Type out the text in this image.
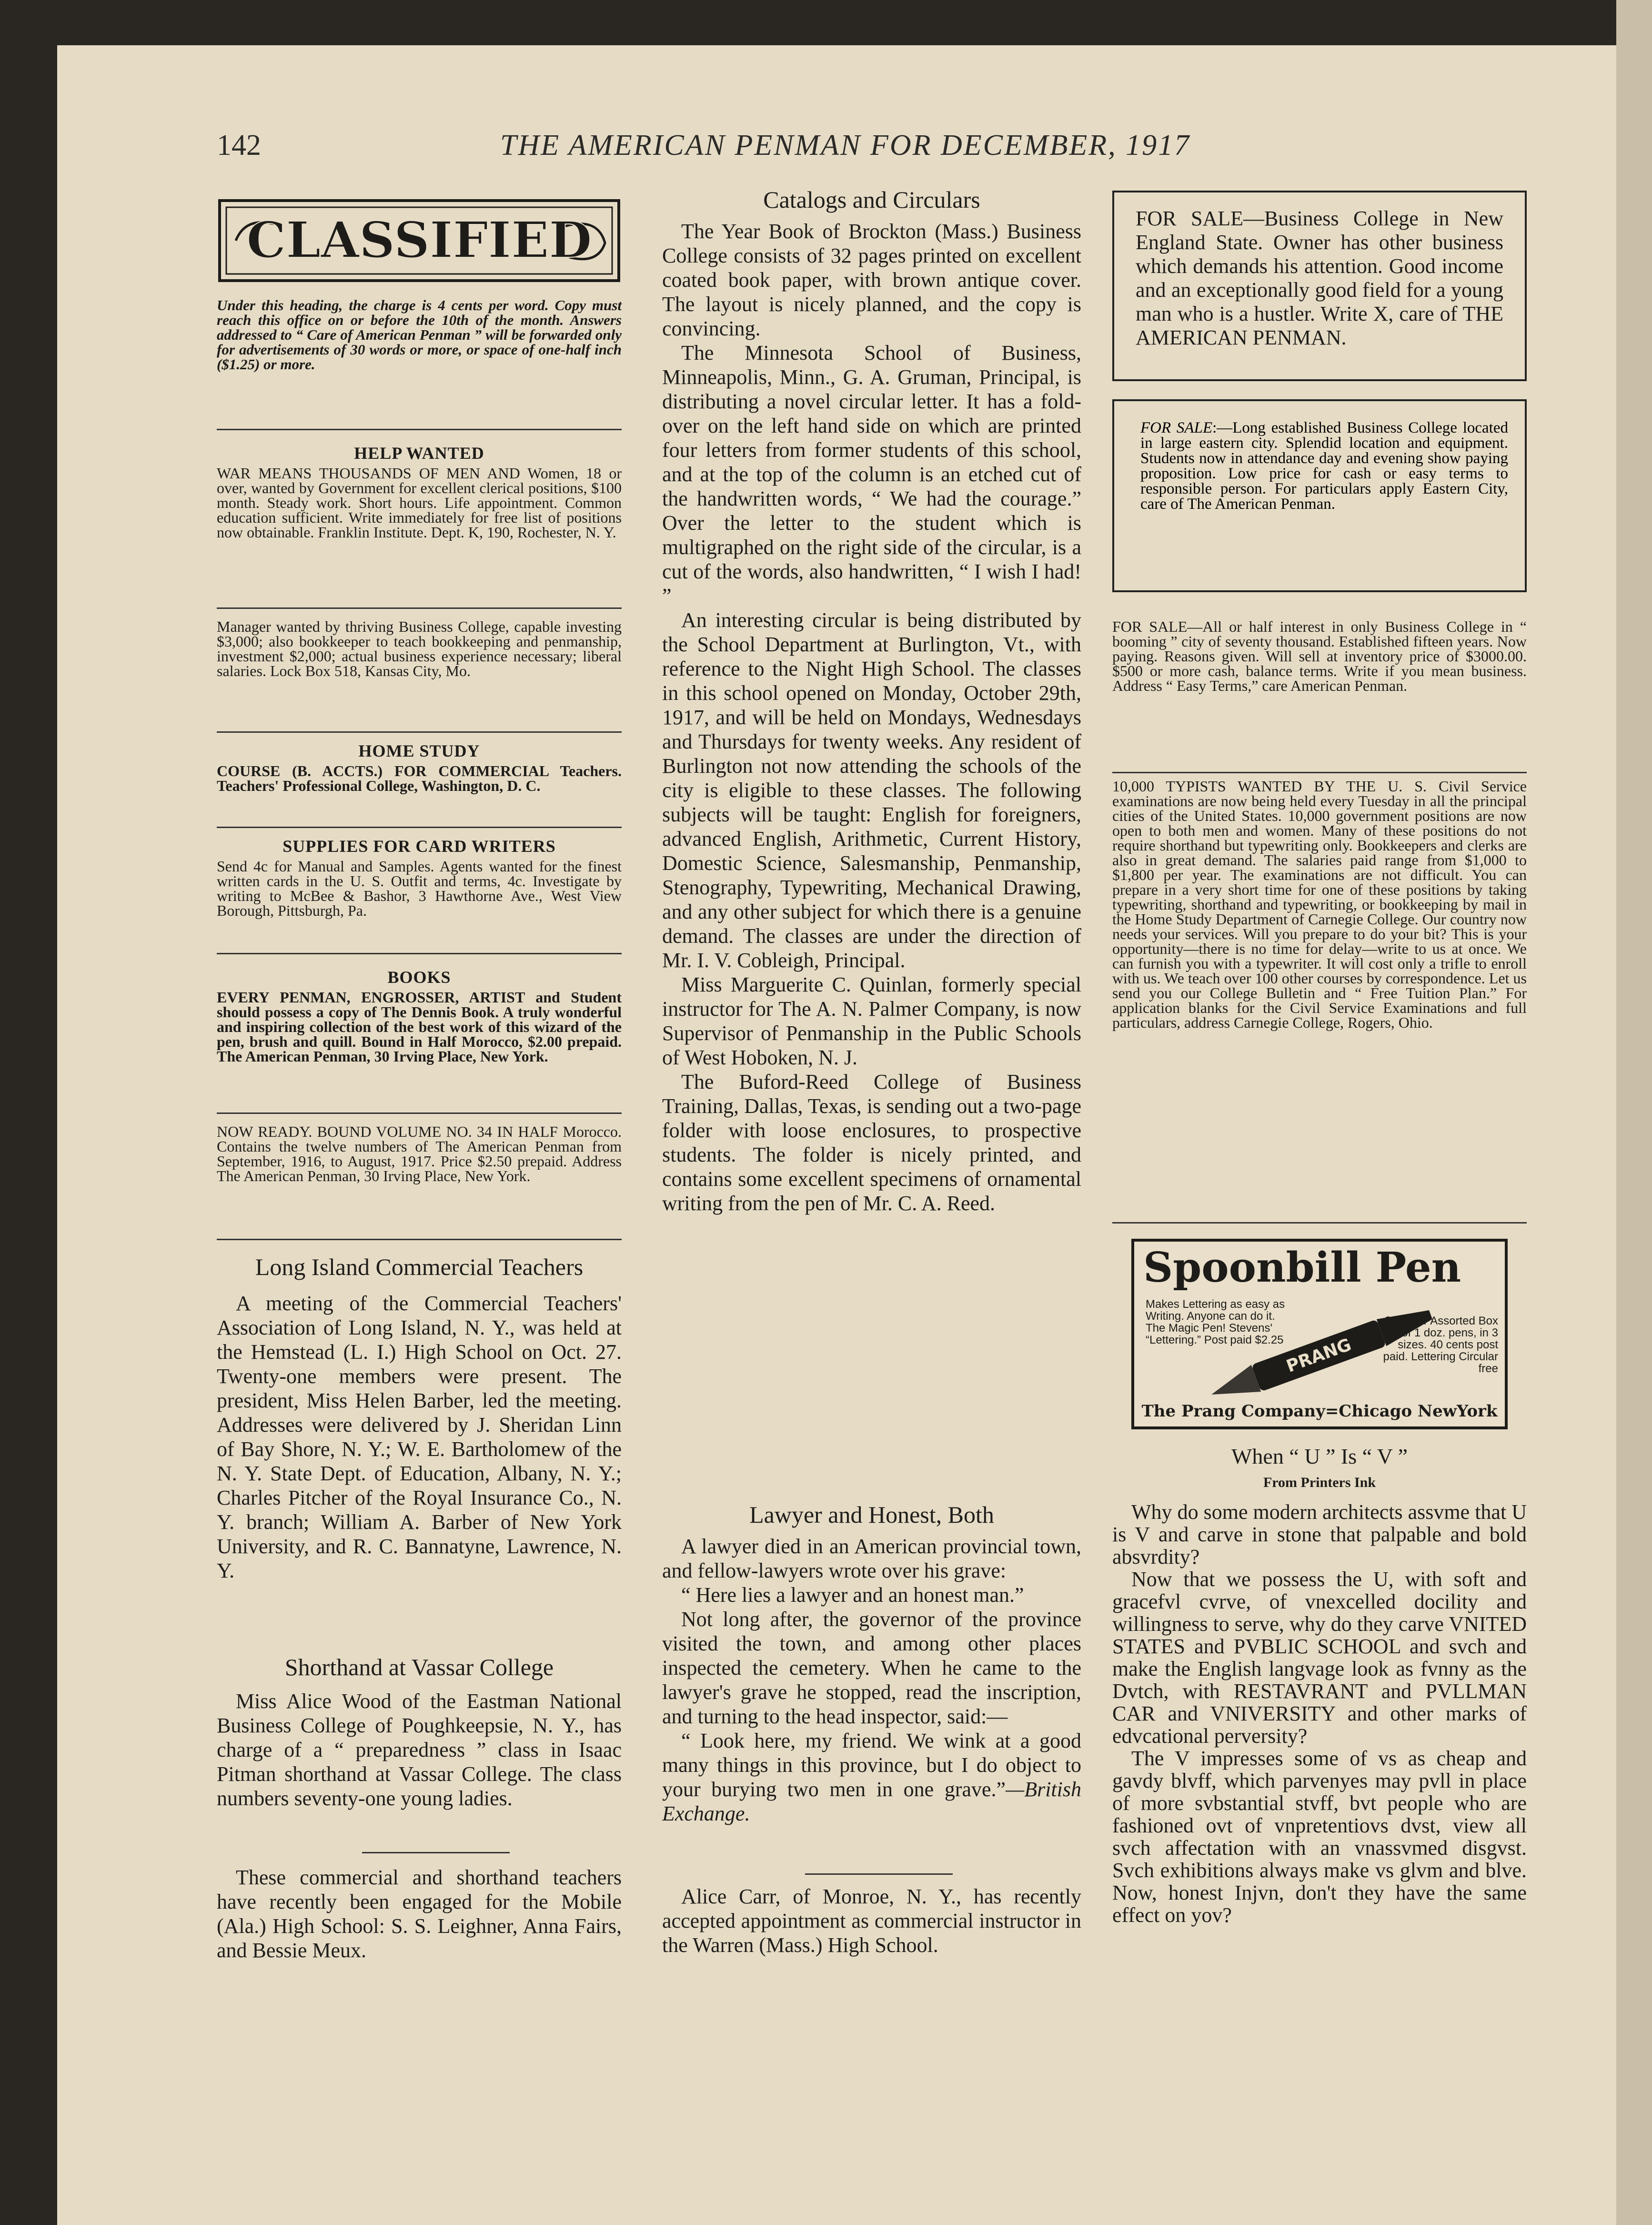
142	THE AMERICAN PENMAN FOR DECEMBER, 1917
CLASSIFIED
Under this heading, the charge is 4 cents per word. Copy must reach this office on or before the 10th of the month. Answers addressed to “ Care of American Penman ” will be forwarded only for advertisements of 30 words or more, or space of one-half inch ($1.25) or more.
HELP WANTED
WAR MEANS THOUSANDS OF MEN AND Women, 18 or over, wanted by Government for excellent clerical positions, $100 month. Steady work. Short hours. Life appointment. Common education sufficient. Write immediately for free list of positions now obtainable. Franklin Institute. Dept. K, 190, Rochester, N. Y.
Manager wanted by thriving Business College, capable investing $3,000; also bookkeeper to teach bookkeeping and penmanship, investment $2,000; actual business experience necessary; liberal salaries. Lock Box 518, Kansas City, Mo.
HOME STUDY
COURSE (B. ACCTS.) FOR COMMERCIAL Teachers. Teachers' Professional College, Washington, D. C.
SUPPLIES FOR CARD WRITERS
Send 4c for Manual and Samples. Agents wanted for the finest written cards in the U. S. Outfit and terms, 4c. Investigate by writing to McBee & Bashor, 3 Hawthorne Ave., West View Borough, Pittsburgh, Pa.
BOOKS
EVERY PENMAN, ENGROSSER, ARTIST and Student should possess a copy of The Dennis Book. A truly wonderful and inspiring collection of the best work of this wizard of the pen, brush and quill. Bound in Half Morocco, $2.00 prepaid. The American Penman, 30 Irving Place, New York.
NOW READY. BOUND VOLUME NO. 34 IN HALF Morocco. Contains the twelve numbers of The American Penman from September, 1916, to August, 1917. Price $2.50 prepaid. Address The American Penman, 30 Irving Place, New York.
Long Island Commercial Teachers
A meeting of the Commercial Teachers' Association of Long Island, N. Y., was held at the Hemstead (L. I.) High School on Oct. 27. Twenty-one members were present. The president, Miss Helen Barber, led the meeting. Addresses were delivered by J. Sheridan Linn of Bay Shore, N. Y.; W. E. Bartholomew of the N. Y. State Dept. of Education, Albany, N. Y.; Charles Pitcher of the Royal Insurance Co., N. Y. branch; William A. Barber of New York University, and R. C. Bannatyne, Lawrence, N. Y.
Shorthand at Vassar College
Miss Alice Wood of the Eastman National Business College of Poughkeepsie, N. Y., has charge of a “ preparedness ” class in Isaac Pitman shorthand at Vassar College. The class numbers seventy-one young ladies.
These commercial and shorthand teachers have recently been engaged for the Mobile (Ala.) High School: S. S. Leighner, Anna Fairs, and Bessie Meux.
Catalogs and Circulars
The Year Book of Brockton (Mass.) Business College consists of 32 pages printed on excellent coated book paper, with brown antique cover. The layout is nicely planned, and the copy is convincing.
The Minnesota School of Business, Minneapolis, Minn., G. A. Gruman, Principal, is distributing a novel circular letter. It has a fold-over on the left hand side on which are printed four letters from former students of this school, and at the top of the column is an etched cut of the handwritten words, “ We had the courage.” Over the letter to the student which is multigraphed on the right side of the circular, is a cut of the words, also handwritten, “ I wish I had! ”
An interesting circular is being distributed by the School Department at Burlington, Vt., with reference to the Night High School. The classes in this school opened on Monday, October 29th, 1917, and will be held on Mondays, Wednesdays and Thursdays for twenty weeks. Any resident of Burlington not now attending the schools of the city is eligible to these classes. The following subjects will be taught: English for foreigners, advanced English, Arithmetic, Current History, Domestic Science, Salesmanship, Penmanship, Stenography, Typewriting, Mechanical Drawing, and any other subject for which there is a genuine demand. The classes are under the direction of Mr. I. V. Cobleigh, Principal.
Miss Marguerite C. Quinlan, formerly special instructor for The A. N. Palmer Company, is now Supervisor of Penmanship in the Public Schools of West Hoboken, N. J.
The Buford-Reed College of Business Training, Dallas, Texas, is sending out a two-page folder with loose enclosures, to prospective students. The folder is nicely printed, and contains some excellent specimens of ornamental writing from the pen of Mr. C. A. Reed.
Lawyer and Honest, Both
A lawyer died in an American provincial town, and fellow-lawyers wrote over his grave:
“ Here lies a lawyer and an honest man.”
Not long after, the governor of the province visited the town, and among other places inspected the cemetery. When he came to the lawyer's grave he stopped, read the inscription, and turning to the head inspector, said:—
“ Look here, my friend. We wink at a good many things in this province, but I do object to your burying two men in one grave.”—British Exchange.
Alice Carr, of Monroe, N. Y., has recently accepted appointment as commercial instructor in the Warren (Mass.) High School.
FOR SALE—Business College in New England State. Owner has other business which demands his attention. Good income and an exceptionally good field for a young man who is a hustler. Write X, care of THE AMERICAN PENMAN.
FOR SALE:—Long established Business College located in large eastern city. Splendid location and equipment. Students now in attendance day and evening show paying proposition. Low price for cash or easy terms to responsible person. For particulars apply Eastern City, care of The American Penman.
FOR SALE—All or half interest in only Business College in “ booming ” city of seventy thousand. Established fifteen years. Now paying. Reasons given. Will sell at inventory price of $3000.00. $500 or more cash, balance terms. Write if you mean business. Address “ Easy Terms,” care American Penman.
10,000 TYPISTS WANTED BY THE U. S. Civil Service examinations are now being held every Tuesday in all the principal cities of the United States. 10,000 government positions are now open to both men and women. Many of these positions do not require shorthand but typewriting only. Bookkeepers and clerks are also in great demand. The salaries paid range from $1,000 to $1,800 per year. The examinations are not difficult. You can prepare in a very short time for one of these positions by taking typewriting, shorthand and typewriting, or bookkeeping by mail in the Home Study Department of Carnegie College. Our country now needs your services. Will you prepare to do your bit? This is your opportunity—there is no time for delay—write to us at once. We can furnish you with a typewriter. It will cost only a trifle to enroll with us. We teach over 100 other courses by correspondence. Let us send you our College Bulletin and “ Free Tuition Plan.” For application blanks for the Civil Service Examinations and full particulars, address Carnegie College, Rogers, Ohio.
PRANG
Spoonbill Pen
Makes Lettering as easy as Writing. Anyone can do it. The Magic Pen! Stevens' “Lettering.” Post paid $2.25
Send for Assorted Box of 1 doz. pens, in 3 sizes. 40 cents post paid. Lettering Circular free
The Prang Company=Chicago NewYork
When “ U ” Is “ V ”
From Printers Ink
Why do some modern architects assvme that U is V and carve in stone that palpable and bold absvrdity?
Now that we possess the U, with soft and gracefvl cvrve, of vnexcelled docility and willingness to serve, why do they carve VNITED STATES and PVBLIC SCHOOL and svch and make the English langvage look as fvnny as the Dvtch, with RESTAVRANT and PVLLMAN CAR and VNIVERSITY and other marks of edvcational perversity?
The V impresses some of vs as cheap and gavdy blvff, which parvenyes may pvll in place of more svbstantial stvff, bvt people who are fashioned ovt of vnpretentiovs dvst, view all svch affectation with an vnassvmed disgvst. Svch exhibitions always make vs glvm and blve. Now, honest Injvn, don't they have the same effect on yov?
